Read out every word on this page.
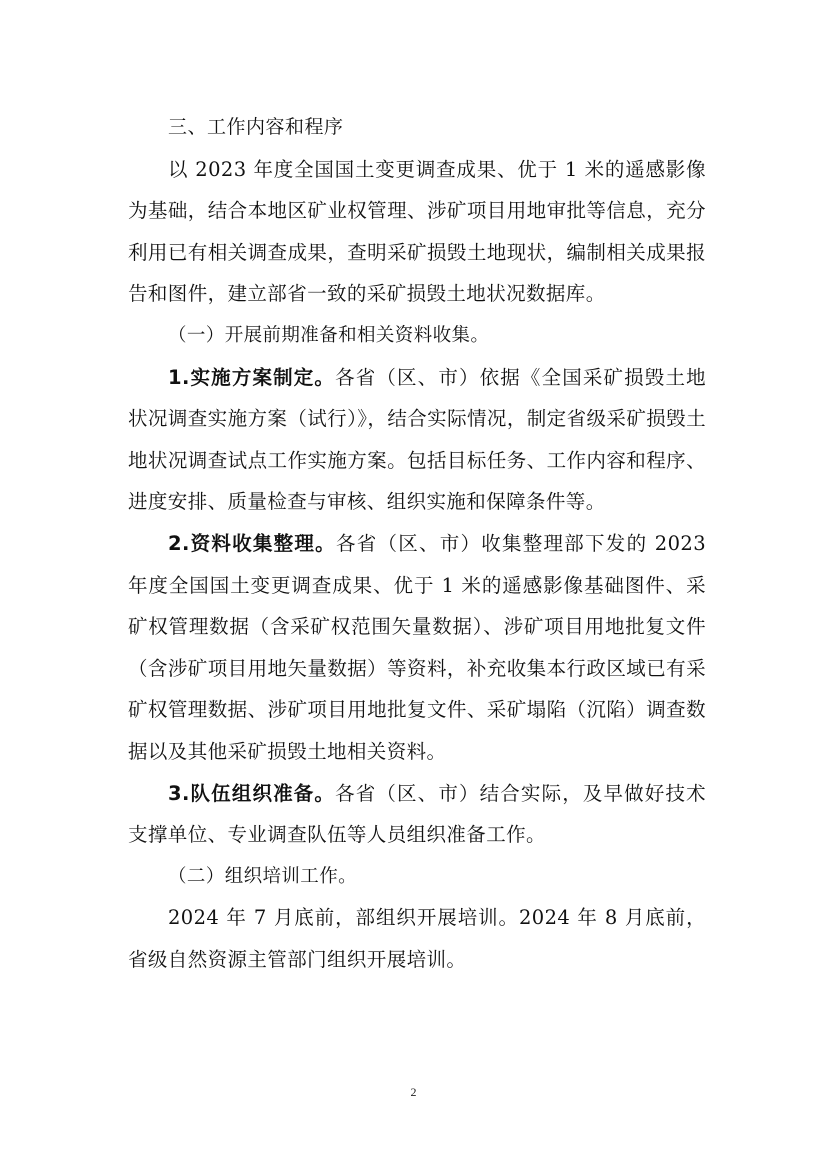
三、工作内容和程序

以 2023 年度全国国土变更调查成果、优于 1 米的遥感影像为基础，结合本地区矿业权管理、涉矿项目用地审批等信息，充分利用已有相关调查成果，查明采矿损毁土地现状，编制相关成果报告和图件，建立部省一致的采矿损毁土地状况数据库。

（一）开展前期准备和相关资料收集。

1.实施方案制定。各省（区、市）依据《全国采矿损毁土地状况调查实施方案（试行）》，结合实际情况，制定省级采矿损毁土地状况调查试点工作实施方案。包括目标任务、工作内容和程序、进度安排、质量检查与审核、组织实施和保障条件等。

2.资料收集整理。各省（区、市）收集整理部下发的 2023 年度全国国土变更调查成果、优于 1 米的遥感影像基础图件、采矿权管理数据（含采矿权范围矢量数据）、涉矿项目用地批复文件（含涉矿项目用地矢量数据）等资料，补充收集本行政区域已有采矿权管理数据、涉矿项目用地批复文件、采矿塌陷（沉陷）调查数据以及其他采矿损毁土地相关资料。

3.队伍组织准备。各省（区、市）结合实际，及早做好技术支撑单位、专业调查队伍等人员组织准备工作。

（二）组织培训工作。

2024 年 7 月底前，部组织开展培训。2024 年 8 月底前，省级自然资源主管部门组织开展培训。

2
